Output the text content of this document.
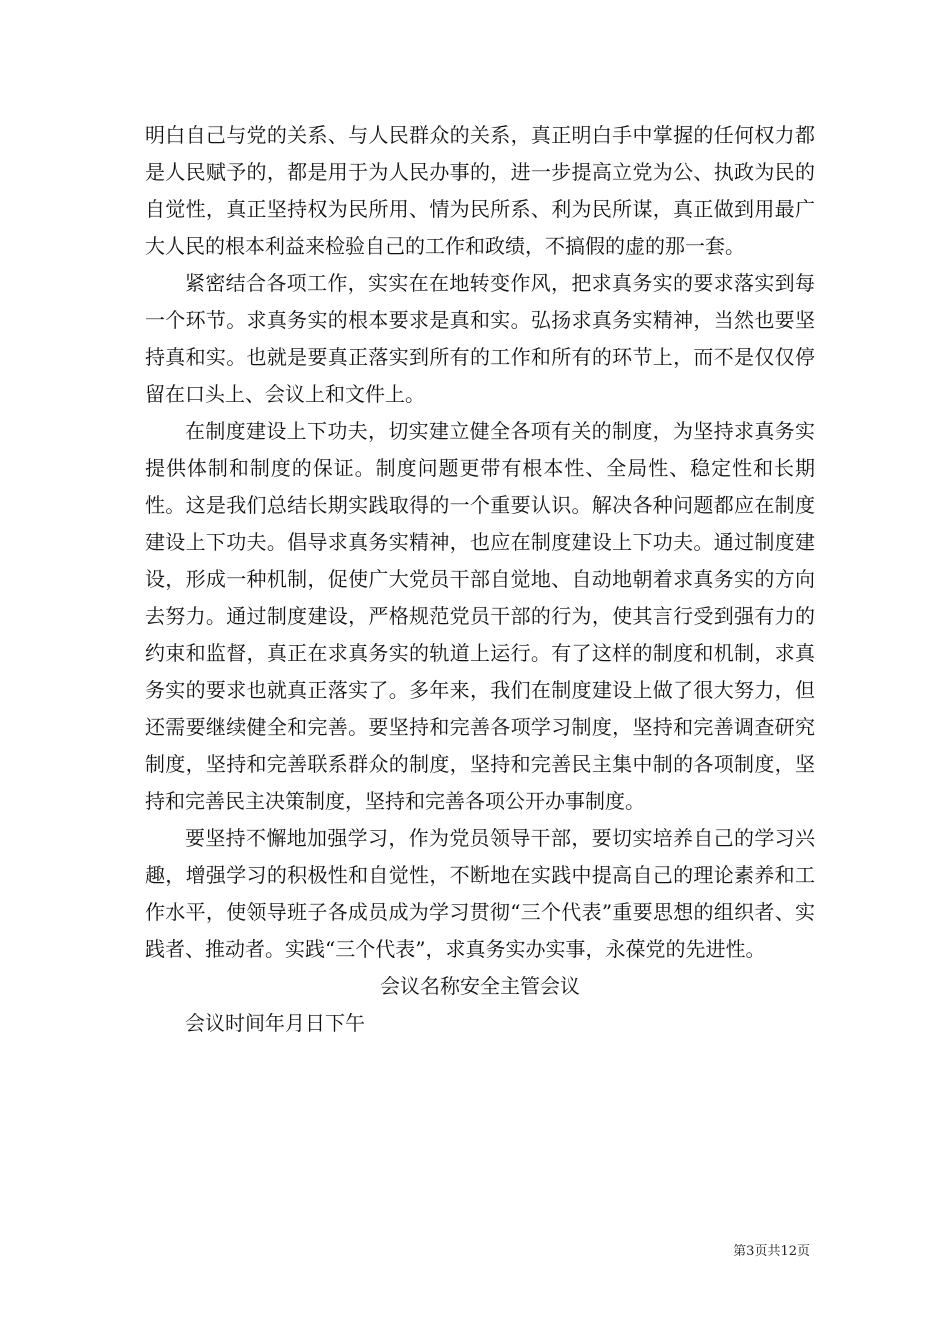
明白自己与党的关系、与人民群众的关系，真正明白手中掌握的任何权力都是人民赋予的，都是用于为人民办事的，进一步提高立党为公、执政为民的自觉性，真正坚持权为民所用、情为民所系、利为民所谋，真正做到用最广大人民的根本利益来检验自己的工作和政绩，不搞假的虚的那一套。

紧密结合各项工作，实实在在地转变作风，把求真务实的要求落实到每一个环节。求真务实的根本要求是真和实。弘扬求真务实精神，当然也要坚持真和实。也就是要真正落实到所有的工作和所有的环节上，而不是仅仅停留在口头上、会议上和文件上。

在制度建设上下功夫，切实建立健全各项有关的制度，为坚持求真务实提供体制和制度的保证。制度问题更带有根本性、全局性、稳定性和长期性。这是我们总结长期实践取得的一个重要认识。解决各种问题都应在制度建设上下功夫。倡导求真务实精神，也应在制度建设上下功夫。通过制度建设，形成一种机制，促使广大党员干部自觉地、自动地朝着求真务实的方向去努力。通过制度建设，严格规范党员干部的行为，使其言行受到强有力的约束和监督，真正在求真务实的轨道上运行。有了这样的制度和机制，求真务实的要求也就真正落实了。多年来，我们在制度建设上做了很大努力，但还需要继续健全和完善。要坚持和完善各项学习制度，坚持和完善调查研究制度，坚持和完善联系群众的制度，坚持和完善民主集中制的各项制度，坚持和完善民主决策制度，坚持和完善各项公开办事制度。

要坚持不懈地加强学习，作为党员领导干部，要切实培养自己的学习兴趣，增强学习的积极性和自觉性，不断地在实践中提高自己的理论素养和工作水平，使领导班子各成员成为学习贯彻“三个代表”重要思想的组织者、实践者、推动者。实践“三个代表”，求真务实办实事，永葆党的先进性。

会议名称安全主管会议

会议时间年月日下午

第3页共12页
